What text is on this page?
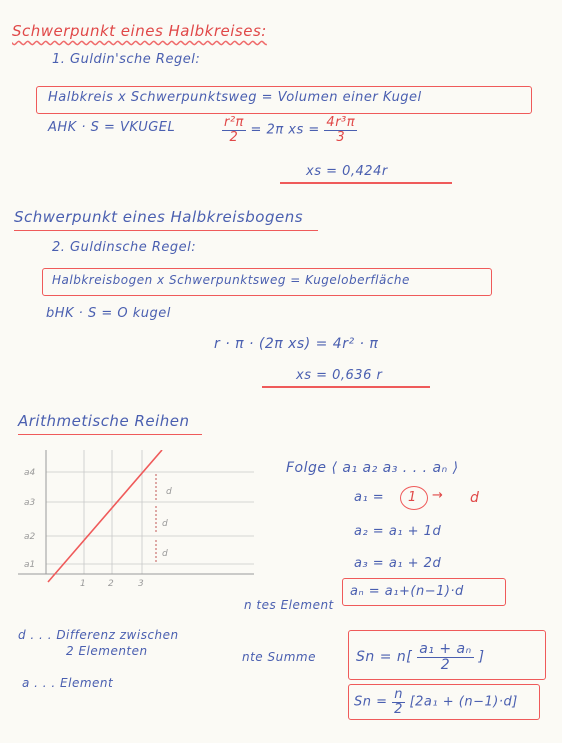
Schwerpunkt eines Halbkreises:
1. Guldin'sche Regel:
Halbkreis x Schwerpunktsweg = Volumen einer Kugel
AHK · S = VKUGEL	$\frac{\text{r²π}}{2} = 2\pi$ xs = $\frac{\text{4r³π}}{3}$
xs = 0,424r
Schwerpunkt eines Halbkreisbogens
2. Guldinsche Regel:
Halbkreisbogen x Schwerpunktsweg = Kugeloberfläche
bHK · S = O kugel
r · π · (2π xs) = 4r² · π
xs = 0,636 r
Arithmetische Reihen
d
d
d
a4
a3
a2
a1
1 2	3
Folge ⟨ a₁ a₂ a₃ . . . aₙ ⟩
a₁ = 1 → d
a₂ = a₁ + 1d
a₃ = a₁ + 2d
aₙ = a₁+(n−1)·d
n tes Element
d . . . Differenz zwischen
2 Elementen
a . . . Element
nte Summe	$Sn = n[ \frac{\text{a₁ + aₙ}}{2}$ ]
$Sn = \frac{n}{2} [2a_1 + (n-1)\cdot d]$
